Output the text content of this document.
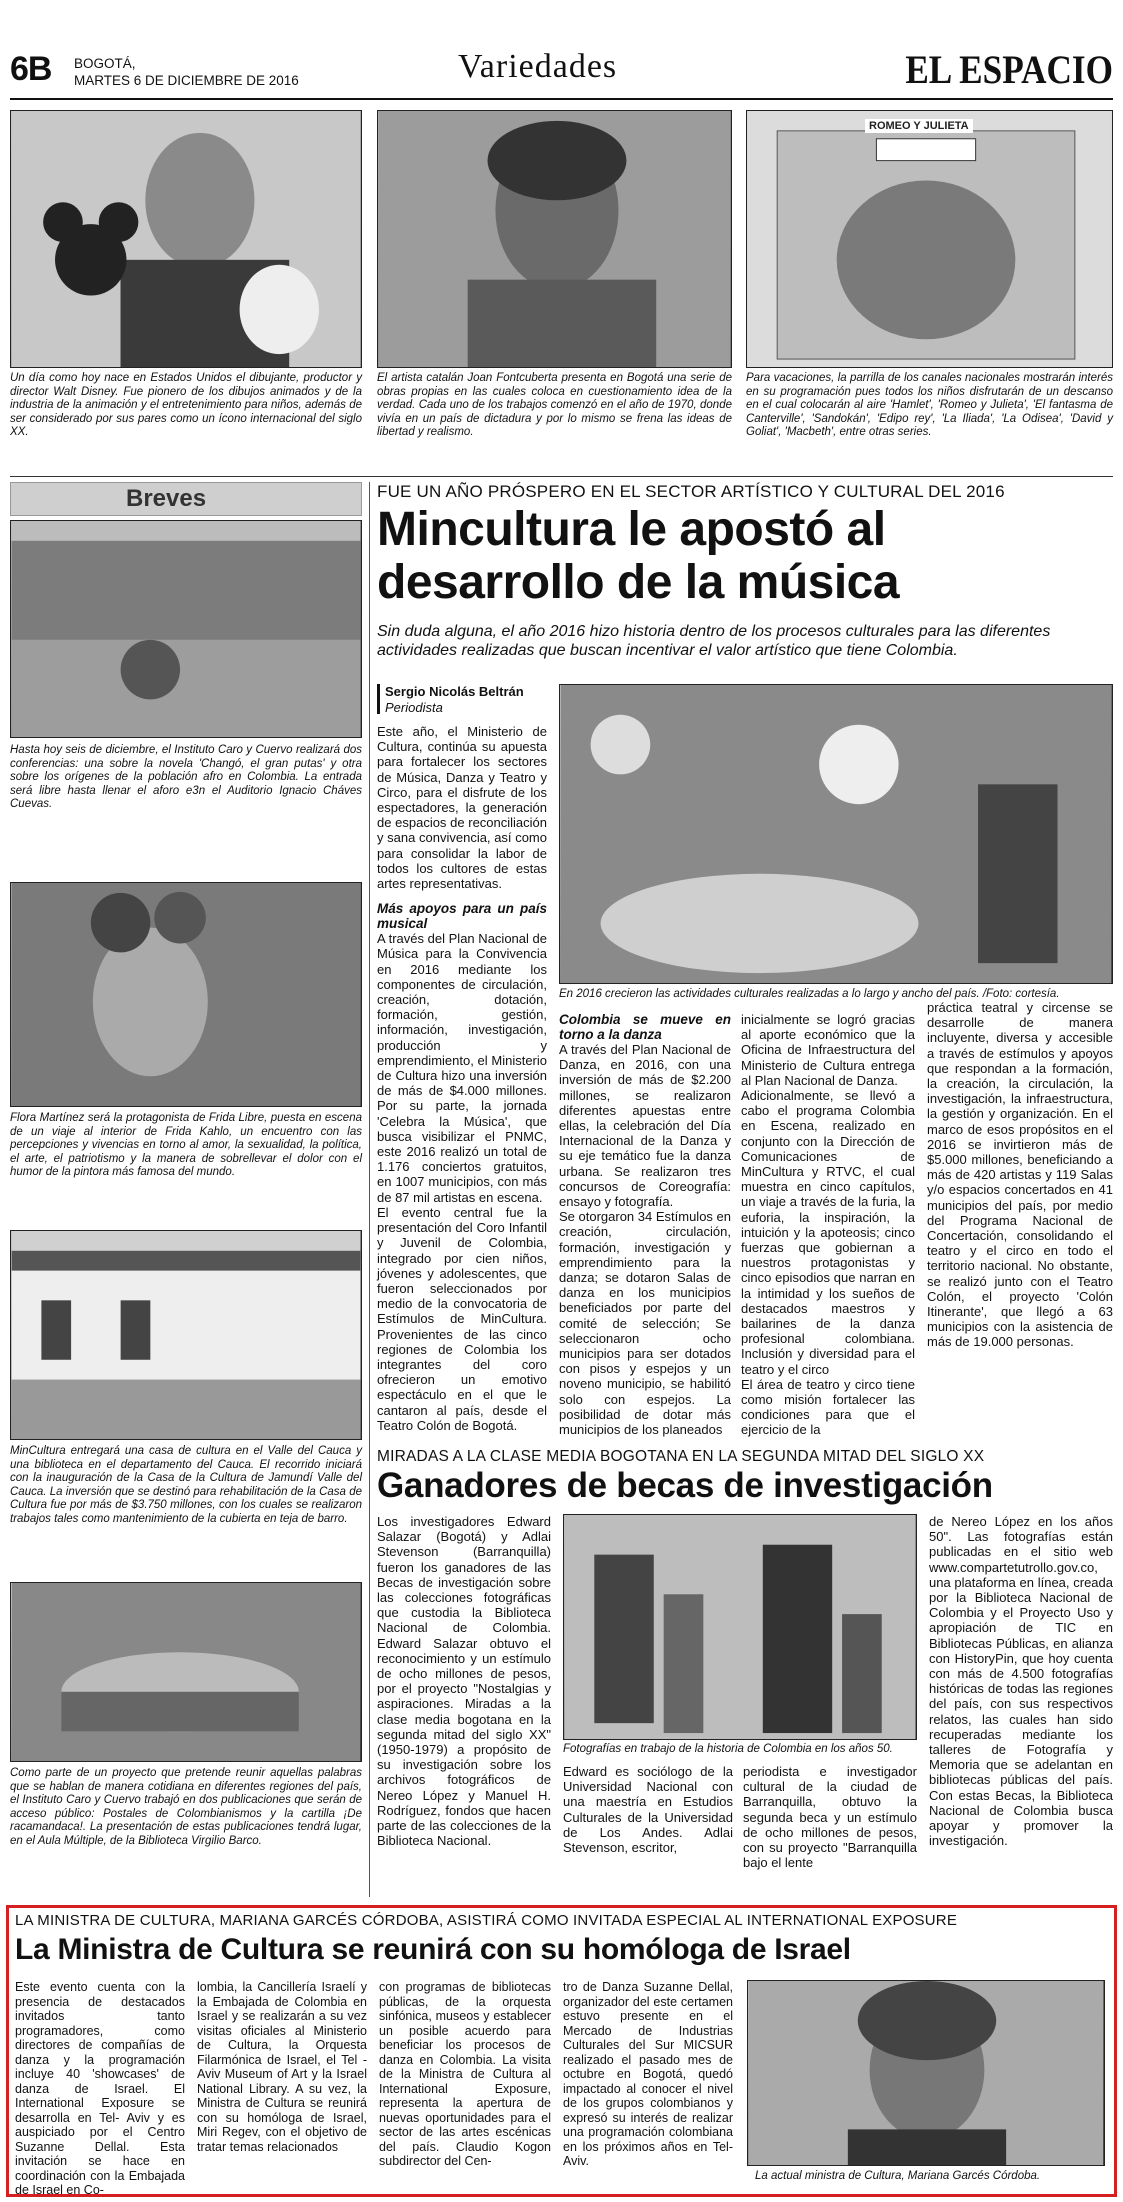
6B BOGOTÁ,
MARTES 6 DE DICIEMBRE DE 2016	Variedades	EL ESPACIO
Un día como hoy nace en Estados Unidos el dibujante, productor y director Walt Disney. Fue pionero de los dibujos animados y de la industria de la animación y el entretenimiento para niños, además de ser considerado por sus pares como un ícono internacional del siglo XX.
El artista catalán Joan Fontcuberta presenta en Bogotá una serie de obras propias en las cuales coloca en cuestionamiento idea de la verdad. Cada uno de los trabajos comenzó en el año de 1970, donde vivía en un país de dictadura y por lo mismo se frena las ideas de libertad y realismo.
ROMEO Y JULIETA
Para vacaciones, la parrilla de los canales nacionales mostrarán interés en su programación pues todos los niños disfrutarán de un descanso en el cual colocarán al aire 'Hamlet', 'Romeo y Julieta', 'El fantasma de Canterville', 'Sandokán', 'Edipo rey', 'La Iliada', 'La Odisea', 'David y Goliat', 'Macbeth', entre otras series.
Breves
Hasta hoy seis de diciembre, el Instituto Caro y Cuervo realizará dos conferencias: una sobre la novela 'Changó, el gran putas' y otra sobre los orígenes de la población afro en Colombia. La entrada será libre hasta llenar el aforo e3n el Auditorio Ignacio Cháves Cuevas.
Flora Martínez será la protagonista de Frida Libre, puesta en escena de un viaje al interior de Frida Kahlo, un encuentro con las percepciones y vivencias en torno al amor, la sexualidad, la política, el arte, el patriotismo y la manera de sobrellevar el dolor con el humor de la pintora más famosa del mundo.
MinCultura entregará una casa de cultura en el Valle del Cauca y una biblioteca en el departamento del Cauca. El recorrido iniciará con la inauguración de la Casa de la Cultura de Jamundí Valle del Cauca. La inversión que se destinó para rehabilitación de la Casa de Cultura fue por más de $3.750 millones, con los cuales se realizaron trabajos tales como mantenimiento de la cubierta en teja de barro.
Como parte de un proyecto que pretende reunir aquellas palabras que se hablan de manera cotidiana en diferentes regiones del país, el Instituto Caro y Cuervo trabajó en dos publicaciones que serán de acceso público: Postales de Colombianismos y la cartilla ¡De racamandaca!. La presentación de estas publicaciones tendrá lugar, en el Aula Múltiple, de la Biblioteca Virgilio Barco.
FUE UN AÑO PRÓSPERO EN EL SECTOR ARTÍSTICO Y CULTURAL DEL 2016
Mincultura le apostó al
desarrollo de la música
Sin duda alguna, el año 2016 hizo historia dentro de los procesos culturales para las diferentes actividades realizadas que buscan incentivar el valor artístico que tiene Colombia.
Sergio Nicolás Beltrán
Periodista

Este año, el Ministerio de Cultura, continúa su apuesta para fortalecer los sectores de Música, Danza y Teatro y Circo, para el disfrute de los espectadores, la generación de espacios de reconciliación y sana convivencia, así como para consolidar la labor de todos los cultores de estas artes representativas.

Más apoyos para un país musical

A través del Plan Nacional de Música para la Convivencia en 2016 mediante los componentes de circulación, creación, dotación, formación, gestión, información, investigación, producción y emprendimiento, el Ministerio de Cultura hizo una inversión de más de $4.000 millones. Por su parte, la jornada 'Celebra la Música', que busca visibilizar el PNMC, este 2016 realizó un total de 1.176 conciertos gratuitos, en 1007 municipios, con más de 87 mil artistas en escena.

El evento central fue la presentación del Coro Infantil y Juvenil de Colombia, integrado por cien niños, jóvenes y adolescentes, que fueron seleccionados por medio de la convocatoria de Estímulos de MinCultura. Provenientes de las cinco regiones de Colombia los integrantes del coro ofrecieron un emotivo espectáculo en el que le cantaron al país, desde el Teatro Colón de Bogotá.

En 2016 crecieron las actividades culturales realizadas a lo largo y ancho del país. /Foto: cortesía.
Colombia se mueve en torno a la danza

A través del Plan Nacional de Danza, en 2016, con una inversión de más de $2.200 millones, se realizaron diferentes apuestas entre ellas, la celebración del Día Internacional de la Danza y su eje temático fue la danza urbana. Se realizaron tres concursos de Coreografía: ensayo y fotografía.

Se otorgaron 34 Estímulos en creación, circulación, formación, investigación y emprendimiento para la danza; se dotaron Salas de danza en los municipios beneficiados por parte del comité de selección; Se seleccionaron ocho municipios para ser dotados con pisos y espejos y un noveno municipio, se habilitó solo con espejos. La posibilidad de dotar más municipios de los planeados

inicialmente se logró gracias al aporte económico que la Oficina de Infraestructura del Ministerio de Cultura entrega al Plan Nacional de Danza.

Adicionalmente, se llevó a cabo el programa Colombia en Escena, realizado en conjunto con la Dirección de Comunicaciones de MinCultura y RTVC, el cual muestra en cinco capítulos, un viaje a través de la furia, la euforia, la inspiración, la intuición y la apoteosis; cinco fuerzas que gobiernan a nuestros protagonistas y cinco episodios que narran en la intimidad y los sueños de destacados maestros y bailarines de la danza profesional colombiana. Inclusión y diversidad para el teatro y el circo

El área de teatro y circo tiene como misión fortalecer las condiciones para que el ejercicio de la

práctica teatral y circense se desarrolle de manera incluyente, diversa y accesible a través de estímulos y apoyos que respondan a la formación, la creación, la circulación, la investigación, la infraestructura, la gestión y organización. En el marco de esos propósitos en el 2016 se invirtieron más de $5.000 millones, beneficiando a más de 420 artistas y 119 Salas y/o espacios concertados en 41 municipios del país, por medio del Programa Nacional de Concertación, consolidando el teatro y el circo en todo el territorio nacional. No obstante, se realizó junto con el Teatro Colón, el proyecto 'Colón Itinerante', que llegó a 63 municipios con la asistencia de más de 19.000 personas.

MIRADAS A LA CLASE MEDIA BOGOTANA EN LA SEGUNDA MITAD DEL SIGLO XX
Ganadores de becas de investigación
Los investigadores Edward Salazar (Bogotá) y Adlai Stevenson (Barranquilla) fueron los ganadores de las Becas de investigación sobre las colecciones fotográficas que custodia la Biblioteca Nacional de Colombia. Edward Salazar obtuvo el reconocimiento y un estímulo de ocho millones de pesos, por el proyecto "Nostalgias y aspiraciones. Miradas a la clase media bogotana en la segunda mitad del siglo XX" (1950-1979) a propósito de su investigación sobre los archivos fotográficos de Nereo López y Manuel H. Rodríguez, fondos que hacen parte de las colecciones de la Biblioteca Nacional.
Fotografías en trabajo de la historia de Colombia en los años 50.
Edward es sociólogo de la Universidad Nacional con una maestría en Estudios Culturales de la Universidad de Los Andes. Adlai Stevenson, escritor,
periodista e investigador cultural de la ciudad de Barranquilla, obtuvo la segunda beca y un estímulo de ocho millones de pesos, con su proyecto "Barranquilla bajo el lente
de Nereo López en los años 50". Las fotografías están publicadas en el sitio web www.compartetutrollo.gov.co, una plataforma en línea, creada por la Biblioteca Nacional de Colombia y el Proyecto Uso y apropiación de TIC en Bibliotecas Públicas, en alianza con HistoryPin, que hoy cuenta con más de 4.500 fotografías históricas de todas las regiones del país, con sus respectivos relatos, las cuales han sido recuperadas mediante los talleres de Fotografía y Memoria que se adelantan en bibliotecas públicas del país. Con estas Becas, la Biblioteca Nacional de Colombia busca apoyar y promover la investigación.
LA MINISTRA DE CULTURA, MARIANA GARCÉS CÓRDOBA, ASISTIRÁ COMO INVITADA ESPECIAL AL INTERNATIONAL EXPOSURE
La Ministra de Cultura se reunirá con su homóloga de Israel
Este evento cuenta con la presencia de destacados invitados tanto programadores, como directores de compañías de danza y la programación incluye 40 'showcases' de danza de Israel. El International Exposure se desarrolla en Tel- Aviv y es auspiciado por el Centro Suzanne Dellal. Esta invitación se hace en coordinación con la Embajada de Israel en Co-
lombia, la Cancillería Israelí y la Embajada de Colombia en Israel y se realizarán a su vez visitas oficiales al Ministerio de Cultura, la Orquesta Filarmónica de Israel, el Tel -Aviv Museum of Art y la Israel National Library. A su vez, la Ministra de Cultura se reunirá con su homóloga de Israel, Miri Regev, con el objetivo de tratar temas relacionados
con programas de bibliotecas públicas, de la orquesta sinfónica, museos y establecer un posible acuerdo para beneficiar los procesos de danza en Colombia. La visita de la Ministra de Cultura al International Exposure, representa la apertura de nuevas oportunidades para el sector de las artes escénicas del país. Claudio Kogon subdirector del Cen-
tro de Danza Suzanne Dellal, organizador del este certamen estuvo presente en el Mercado de Industrias Culturales del Sur MICSUR realizado el pasado mes de octubre en Bogotá, quedó impactado al conocer el nivel de los grupos colombianos y expresó su interés de realizar una programación colombiana en los próximos años en Tel- Aviv.
La actual ministra de Cultura, Mariana Garcés Córdoba.
